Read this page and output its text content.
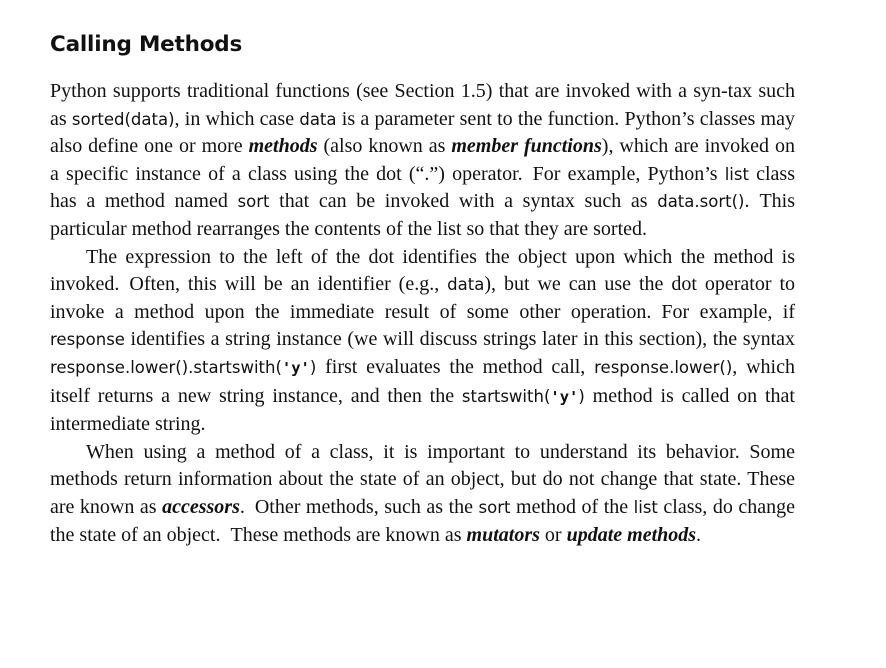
Calling Methods

Python supports traditional functions (see Section 1.5) that are invoked with a syn-tax such as sorted(data), in which case data is a parameter sent to the function. Python’s classes may also define one or more methods (also known as member functions), which are invoked on a specific instance of a class using the dot (“.”) operator. For example, Python’s list class has a method named sort that can be invoked with a syntax such as data.sort(). This particular method rearranges the contents of the list so that they are sorted.

The expression to the left of the dot identifies the object upon which the method is invoked. Often, this will be an identifier (e.g., data), but we can use the dot operator to invoke a method upon the immediate result of some other operation. For example, if response identifies a string instance (we will discuss strings later in this section), the syntax response.lower().startswith('y') first evaluates the method call, response.lower(), which itself returns a new string instance, and then the startswith('y') method is called on that intermediate string.

When using a method of a class, it is important to understand its behavior. Some methods return information about the state of an object, but do not change that state. These are known as accessors. Other methods, such as the sort method of the list class, do change the state of an object. These methods are known as mutators or update methods.
